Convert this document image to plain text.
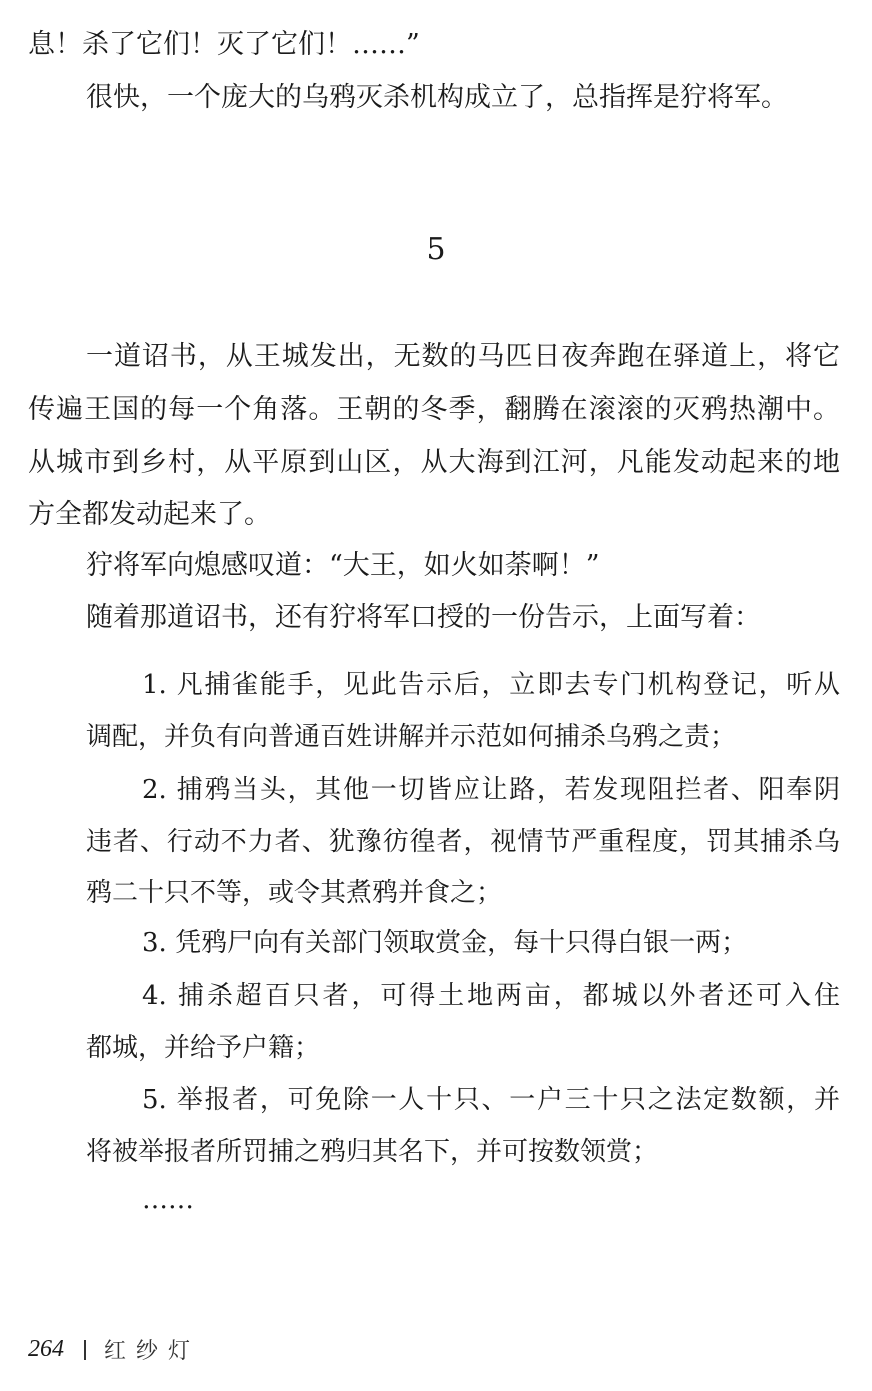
息！杀了它们！灭了它们！……”
很快，一个庞大的乌鸦灭杀机构成立了，总指挥是狞将军。
5
一道诏书，从王城发出，无数的马匹日夜奔跑在驿道上，将它
传遍王国的每一个角落。王朝的冬季，翻腾在滚滚的灭鸦热潮中。
从城市到乡村，从平原到山区，从大海到江河，凡能发动起来的地
方全都发动起来了。
狞将军向熄感叹道：“大王，如火如荼啊！”
随着那道诏书，还有狞将军口授的一份告示，上面写着：
1. 凡捕雀能手，见此告示后，立即去专门机构登记，听从
调配，并负有向普通百姓讲解并示范如何捕杀乌鸦之责；
2. 捕鸦当头，其他一切皆应让路，若发现阻拦者、阳奉阴
违者、行动不力者、犹豫彷徨者，视情节严重程度，罚其捕杀乌
鸦二十只不等，或令其煮鸦并食之；
3. 凭鸦尸向有关部门领取赏金，每十只得白银一两；
4. 捕杀超百只者，可得土地两亩，都城以外者还可入住
都城，并给予户籍；
5. 举报者，可免除一人十只、一户三十只之法定数额，并
将被举报者所罚捕之鸦归其名下，并可按数领赏；
……
264 红纱灯
